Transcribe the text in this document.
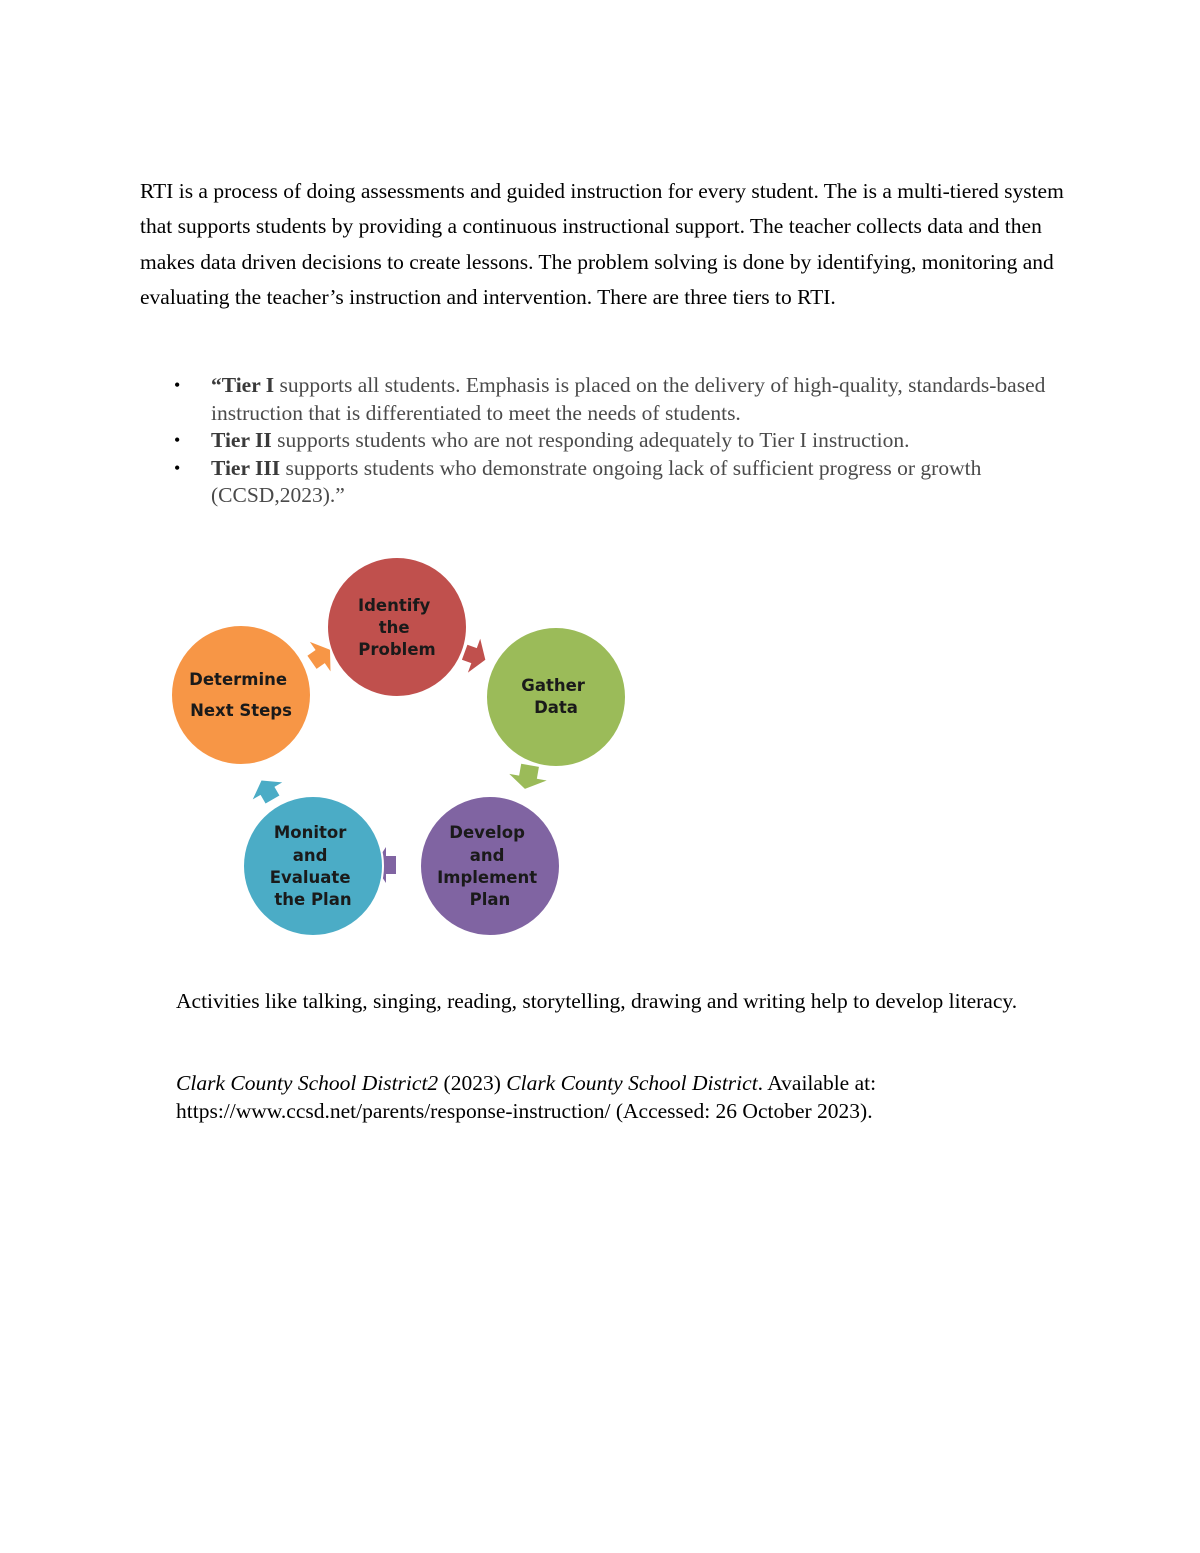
RTI is a process of doing assessments and guided instruction for every student. The is a multi-tiered system that supports students by providing a continuous instructional support. The teacher collects data and then makes data driven decisions to create lessons. The problem solving is done by identifying, monitoring and evaluating the teacher’s instruction and intervention. There are three tiers to RTI.

• “Tier I supports all students. Emphasis is placed on the delivery of high-quality, standards-based instruction that is differentiated to meet the needs of students.
• Tier II supports students who are not responding adequately to Tier I instruction.
• Tier III supports students who demonstrate ongoing lack of sufficient progress or growth (CCSD,2023).”
Identify the Problem
Gather Data
Develop and Implement Plan
Monitor and Evaluate the Plan
Determine Next Steps

Activities like talking, singing, reading, storytelling, drawing and writing help to develop literacy.

Clark County School District2 (2023) Clark County School District. Available at: https://www.ccsd.net/parents/response-instruction/ (Accessed: 26 October 2023).
